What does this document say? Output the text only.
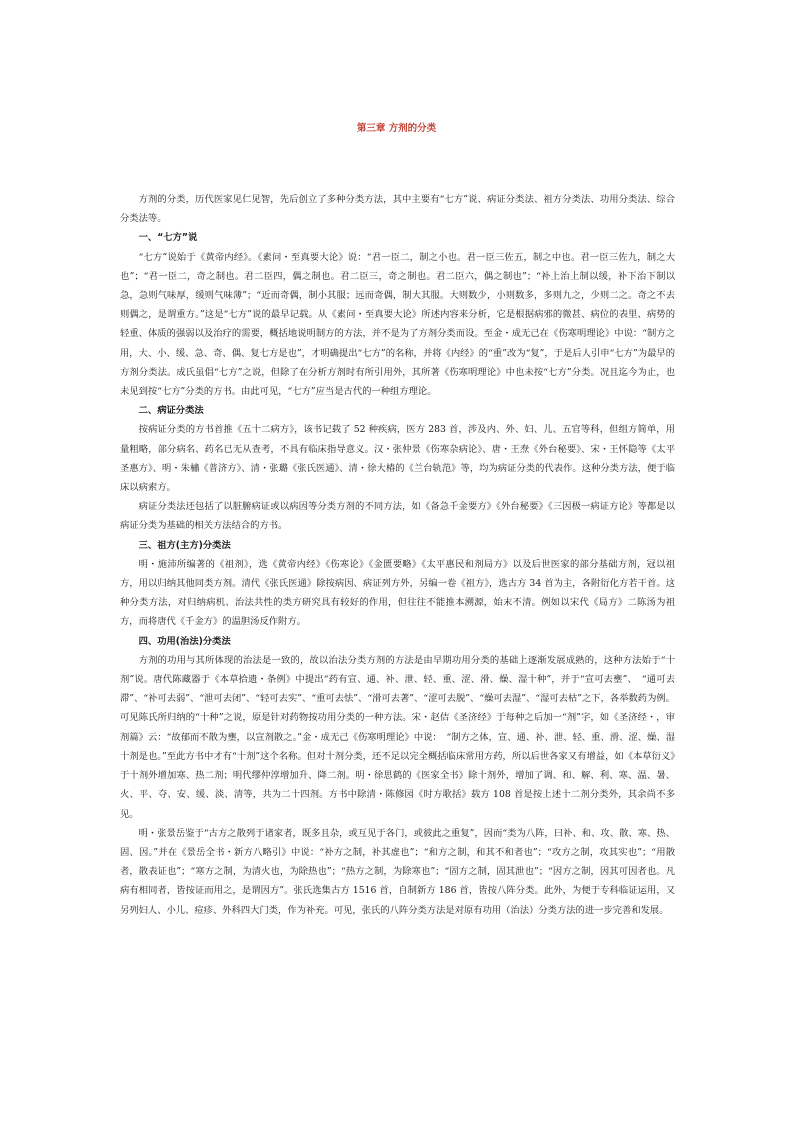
第三章 方剂的分类

方剂的分类，历代医家见仁见智，先后创立了多种分类方法，其中主要有“七方”说、病证分类法、祖方分类法、功用分类法、综合分类法等。

一、“七方”说

“七方”说始于《黄帝内经》。《素问・至真要大论》说：“君一臣二，制之小也。君一臣三佐五，制之中也。君一臣三佐九，制之大也”；“君一臣二，奇之制也。君二臣四，偶之制也。君二臣三，奇之制也。君二臣六，偶之制也”；“补上治上制以缓，补下治下制以急，急则气味厚，缓则气味薄”；“近而奇偶，制小其服；远而奇偶，制大其服。大则数少，小则数多，多则九之，少则二之。奇之不去则偶之，是谓重方。”这是“七方”说的最早记载。从《素问・至真要大论》所述内容来分析，它是根据病邪的微甚、病位的表里、病势的轻重、体质的强弱以及治疗的需要，概括地说明制方的方法，并不是为了方剂分类而设。至金・成无己在《伤寒明理论》中说：“制方之用，大、小、缓、急、奇、偶、复七方是也”，才明确提出“七方”的名称，并将《内经》的“重”改为“复”，于是后人引申“七方”为最早的方剂分类法。成氏虽倡“七方”之说，但除了在分析方剂时有所引用外，其所著《伤寒明理论》中也未按“七方”分类。况且迄今为止，也未见到按“七方”分类的方书。由此可见，“七方”应当是古代的一种组方理论。

二、病证分类法

按病证分类的方书首推《五十二病方》，该书记载了 52 种疾病，医方 283 首，涉及内、外、妇、儿、五官等科，但组方简单，用量粗略，部分病名、药名已无从查考，不具有临床指导意义。汉・张仲景《伤寒杂病论》、唐・王焘《外台秘要》、宋・王怀隐等《太平圣惠方》、明・朱橚《普济方》、清・张璐《张氏医通》、清・徐大椿的《兰台轨范》等，均为病证分类的代表作。这种分类方法，便于临床以病索方。

病证分类法还包括了以脏腑病证或以病因等分类方剂的不同方法，如《备急千金要方》《外台秘要》《三因极一病证方论》等都是以病证分类为基础的相关方法结合的方书。

三、祖方(主方)分类法

明・施沛所编著的《祖剂》，选《黄帝内经》《伤寒论》《金匮要略》《太平惠民和剂局方》以及后世医家的部分基础方剂，冠以祖方，用以归纳其他同类方剂。清代《张氏医通》除按病因、病证列方外，另编一卷《祖方》，选古方 34 首为主，各附衍化方若干首。这种分类方法，对归纳病机、治法共性的类方研究具有较好的作用，但往往不能推本溯源，始末不清。例如以宋代《局方》二陈汤为祖方，而将唐代《千金方》的温胆汤反作附方。

四、功用(治法)分类法

方剂的功用与其所体现的治法是一致的，故以治法分类方剂的方法是由早期功用分类的基础上逐渐发展成熟的，这种方法始于“十剂”说。唐代陈藏器于《本草拾遗・条例》中提出“药有宣、通、补、泄、轻、重、涩、滑、燥、湿十种”，并于“宣可去壅”、　“通可去滞”、“补可去弱”、“泄可去闭”、“轻可去实”、“重可去怯”、“滑可去著”、“涩可去脱”、“燥可去湿”、“湿可去枯”之下，各举数药为例。可见陈氏所归纳的“十种”之说，原是针对药物按功用分类的一种方法。宋・赵佶《圣济经》于每种之后加一“剂”字，如《圣济经・，审剂篇》云：“故郁而不散为壅，以宣剂散之。”金・成无己《伤寒明理论》中说：　“制方之体，宣、通、补、泄、轻、重、滑、涩、燥、湿十剂是也。”至此方书中才有“十剂”这个名称。但对十剂分类，还不足以完全概括临床常用方药，所以后世各家又有增益，如《本草衍义》于十剂外增加寒、热二剂；明代缪仲淳增加升、降二剂。明・徐思鹤的《医家全书》除十剂外，增加了调、和、解、利、寒、温、暑、火、平、夺、安、缓、淡、清等，共为二十四剂。方书中除清・陈修园《时方歌括》载方 108 首是按上述十二剂分类外，其余尚不多见。

明・张景岳鉴于“古方之散列于诸家者，既多且杂，或互见于各门，或彼此之重复”，因而“类为八阵，曰补、和、攻、散、寒、热、固、因。”并在《景岳全书・新方八略引》中说：“补方之制，补其虚也”；“和方之制，和其不和者也”；“攻方之制，攻其实也”；“用散者，散表证也”；“寒方之制，为清火也，为除热也”；“热方之制，为除寒也”；“固方之制，固其泄也”；“因方之制，因其可因者也。凡病有相同者，皆按证而用之，是谓因方”。张氏选集古方 1516 首，自制新方 186 首，皆按八阵分类。此外，为便于专科临证运用，又另列妇人、小儿、痘疹、外科四大门类，作为补充。可见，张氏的八阵分类方法是对原有功用（治法）分类方法的进一步完善和发展。
